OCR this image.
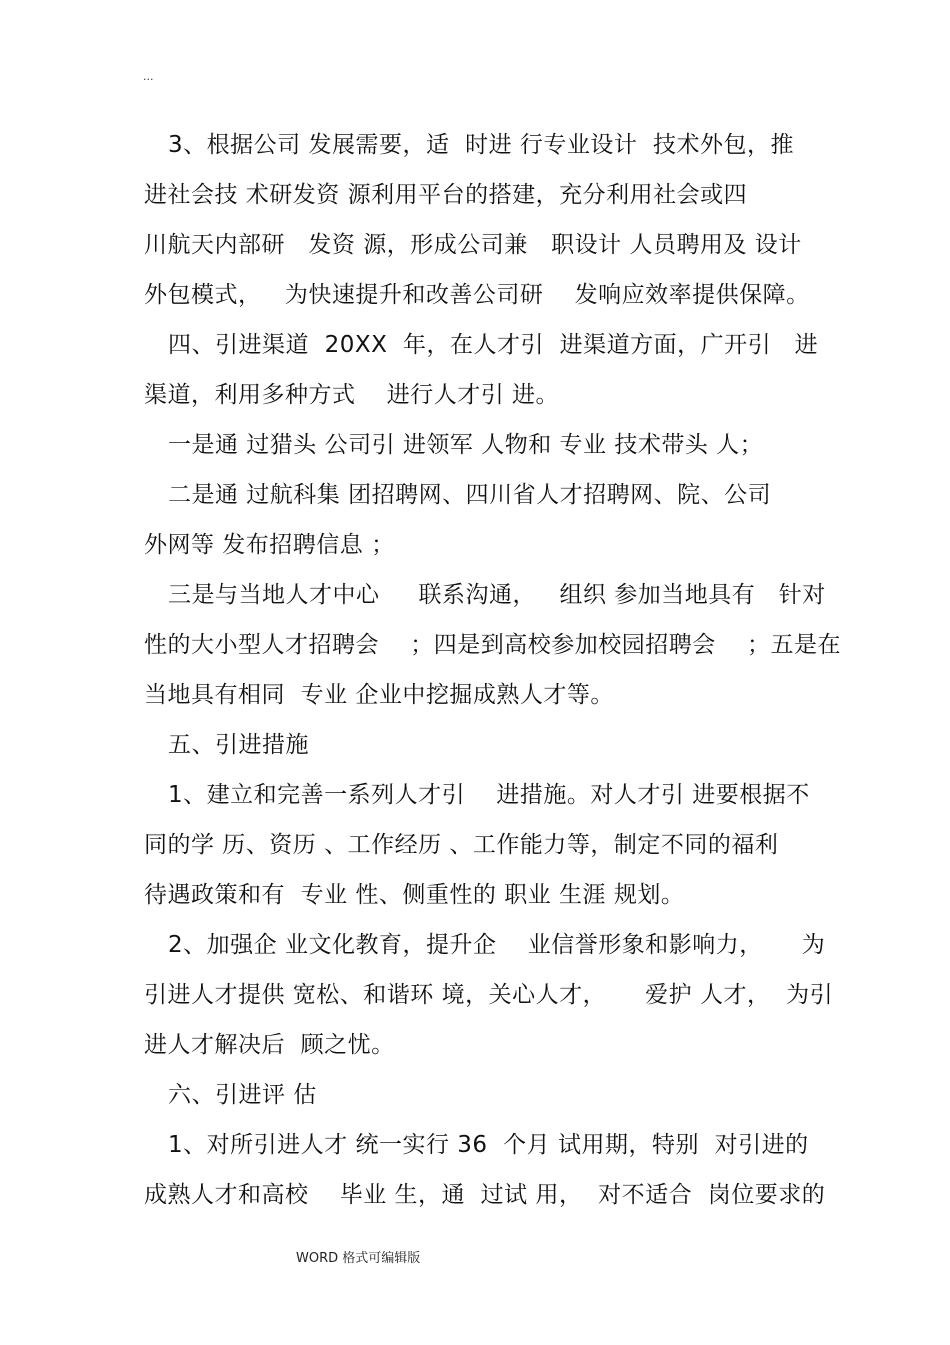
...
3、根据公司 发展需要，适  时进 行专业设计  技术外包，推
进社会技 术研发资 源利用平台的搭建，充分利用社会或四
川航天内部研   发资 源，形成公司兼   职设计 人员聘用及 设计
外包模式，   为快速提升和改善公司研    发响应效率提供保障。
四、引进渠道  20XX  年，在人才引  进渠道方面，广开引   进
渠道，利用多种方式    进行人才引 进。
一是通 过猎头 公司引 进领军 人物和 专业 技术带头 人；
二是通 过航科集 团招聘网、四川省人才招聘网、院、公司
外网等 发布招聘信息 ；
三是与当地人才中心     联系沟通，   组织 参加当地具有   针对
性的大小型人才招聘会    ；四是到高校参加校园招聘会    ；五是在
当地具有相同  专业 企业中挖掘成熟人才等。
五、引进措施
1、建立和完善一系列人才引    进措施。对人才引 进要根据不
同的学 历、资历 、工作经历 、工作能力等，制定不同的福利
待遇政策和有  专业 性、侧重性的 职业 生涯 规划。
2、加强企 业文化教育，提升企    业信誉形象和影响力，     为
引进人才提供 宽松、和谐环 境，关心人才，     爱护 人才，  为引
进人才解决后  顾之忧。
六、引进评 估
1、对所引进人才 统一实行 36  个月 试用期，特别  对引进的
成熟人才和高校    毕业 生，通  过试 用，  对不适合  岗位要求的
WORD 格式可编辑版
